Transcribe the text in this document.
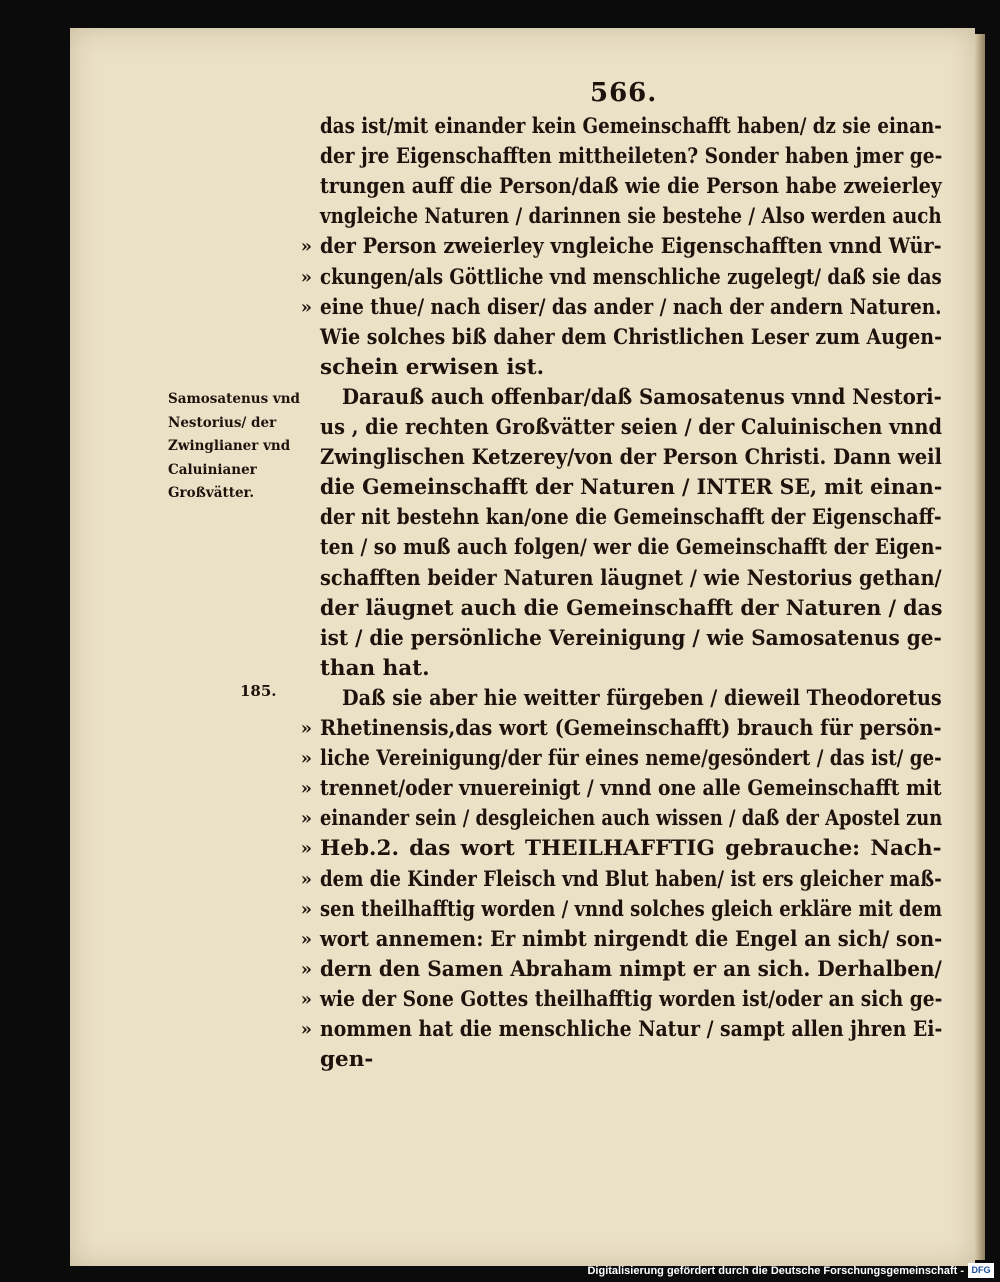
566.
Samosatenus vnd
Nestorius/ der
Zwinglianer vnd
Caluinianer
Großvätter.
185.
das ist/mit einander kein Gemeinschafft haben/ dz sie einan-
der jre Eigenschafften mittheileten? Sonder haben jmer ge-
trungen auff die Person/daß wie die Person habe zweierley
vngleiche Naturen / darinnen sie bestehe / Also werden auch
» der Person zweierley vngleiche Eigenschafften vnnd Wür-
» ckungen/als Göttliche vnd menschliche zugelegt/ daß sie das
» eine thue/ nach diser/ das ander / nach der andern Naturen.
Wie solches biß daher dem Christlichen Leser zum Augen-
schein erwisen ist.
Darauß auch offenbar/daß Samosatenus vnnd Nestori-
us , die rechten Großvätter seien / der Caluinischen vnnd
Zwinglischen Ketzerey/von der Person Christi. Dann weil
die Gemeinschafft der Naturen / INTER SE, mit einan-
der nit bestehn kan/one die Gemeinschafft der Eigenschaff-
ten / so muß auch folgen/ wer die Gemeinschafft der Eigen-
schafften beider Naturen läugnet / wie Nestorius gethan/
der läugnet auch die Gemeinschafft der Naturen / das
ist / die persönliche Vereinigung / wie Samosatenus ge-
than hat.
Daß sie aber hie weitter fürgeben / dieweil Theodoretus
» Rhetinensis,das wort (Gemeinschafft) brauch für persön-
» liche Vereinigung/der für eines neme/gesöndert / das ist/ ge-
» trennet/oder vnuereinigt / vnnd one alle Gemeinschafft mit
» einander sein / desgleichen auch wissen / daß der Apostel zun
» Heb.2. das wort THEILHAFFTIG gebrauche: Nach-
» dem die Kinder Fleisch vnd Blut haben/ ist ers gleicher maß-
» sen theilhafftig worden / vnnd solches gleich erkläre mit dem
» wort annemen: Er nimbt nirgendt die Engel an sich/ son-
» dern den Samen Abraham nimpt er an sich. Derhalben/
» wie der Sone Gottes theilhafftig worden ist/oder an sich ge-
» nommen hat die menschliche Natur / sampt allen jhren Ei-
gen-
Digitalisierung gefördert durch die Deutsche Forschungsgemeinschaft - DFG
